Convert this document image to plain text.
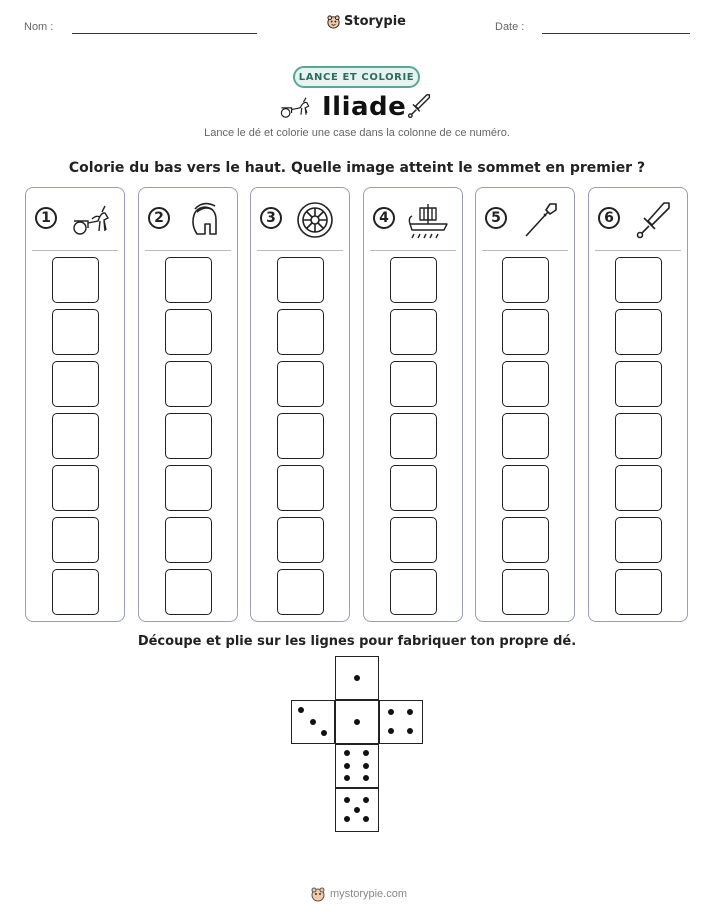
Nom :	Storypie	Date :
LANCE ET COLORIE
Iliade
Lance le dé et colorie une case dans la colonne de ce numéro.
Colorie du bas vers le haut. Quelle image atteint le sommet en premier ?
1	2	3	4	5	6
Découpe et plie sur les lignes pour fabriquer ton propre dé.
mystorypie.com
